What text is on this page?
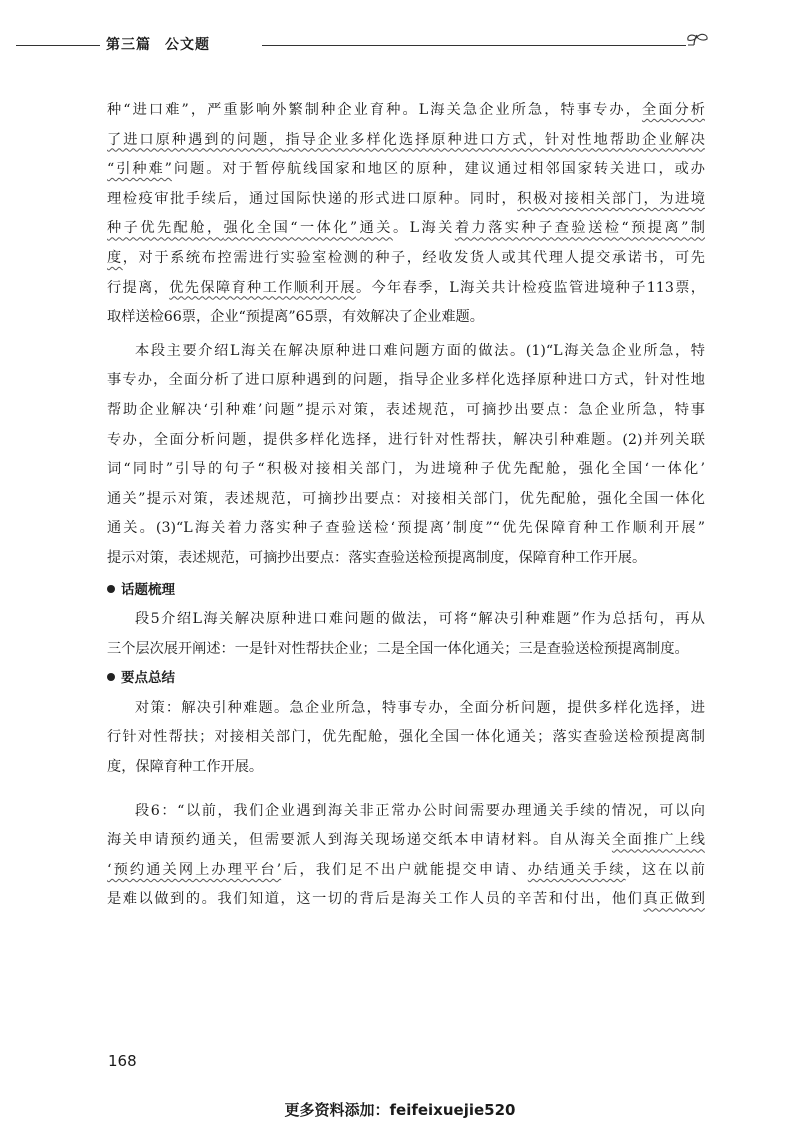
第三篇 公文题
种“进口难”，严重影响外繁制种企业育种。L海关急企业所急，特事专办，全面分析
了进口原种遇到的问题，指导企业多样化选择原种进口方式，针对性地帮助企业解决
“引种难”问题。对于暂停航线国家和地区的原种，建议通过相邻国家转关进口，或办
理检疫审批手续后，通过国际快递的形式进口原种。同时，积极对接相关部门，为进境
种子优先配舱，强化全国“一体化”通关。L海关着力落实种子查验送检“预提离”制
度，对于系统布控需进行实验室检测的种子，经收发货人或其代理人提交承诺书，可先
行提离，优先保障育种工作顺利开展。今年春季，L海关共计检疫监管进境种子113票，
取样送检66票，企业“预提离”65票，有效解决了企业难题。
本段主要介绍L海关在解决原种进口难问题方面的做法。(1)“L海关急企业所急，特
事专办，全面分析了进口原种遇到的问题，指导企业多样化选择原种进口方式，针对性地
帮助企业解决‘引种难’问题”提示对策，表述规范，可摘抄出要点：急企业所急，特事
专办，全面分析问题，提供多样化选择，进行针对性帮扶，解决引种难题。(2)并列关联
词“同时”引导的句子“积极对接相关部门，为进境种子优先配舱，强化全国‘一体化’
通关”提示对策，表述规范，可摘抄出要点：对接相关部门，优先配舱，强化全国一体化
通关。(3)“L海关着力落实种子查验送检‘预提离’制度”“优先保障育种工作顺利开展”
提示对策，表述规范，可摘抄出要点：落实查验送检预提离制度，保障育种工作开展。
话题梳理
段5介绍L海关解决原种进口难问题的做法，可将“解决引种难题”作为总括句，再从
三个层次展开阐述：一是针对性帮扶企业；二是全国一体化通关；三是查验送检预提离制度。
要点总结
对策：解决引种难题。急企业所急，特事专办，全面分析问题，提供多样化选择，进
行针对性帮扶；对接相关部门，优先配舱，强化全国一体化通关；落实查验送检预提离制
度，保障育种工作开展。
段6：“以前，我们企业遇到海关非正常办公时间需要办理通关手续的情况，可以向
海关申请预约通关，但需要派人到海关现场递交纸本申请材料。自从海关全面推广上线
‘预约通关网上办理平台’后，我们足不出户就能提交申请、办结通关手续，这在以前
是难以做到的。我们知道，这一切的背后是海关工作人员的辛苦和付出，他们真正做到
168
更多资料添加：feifeixuejie520
